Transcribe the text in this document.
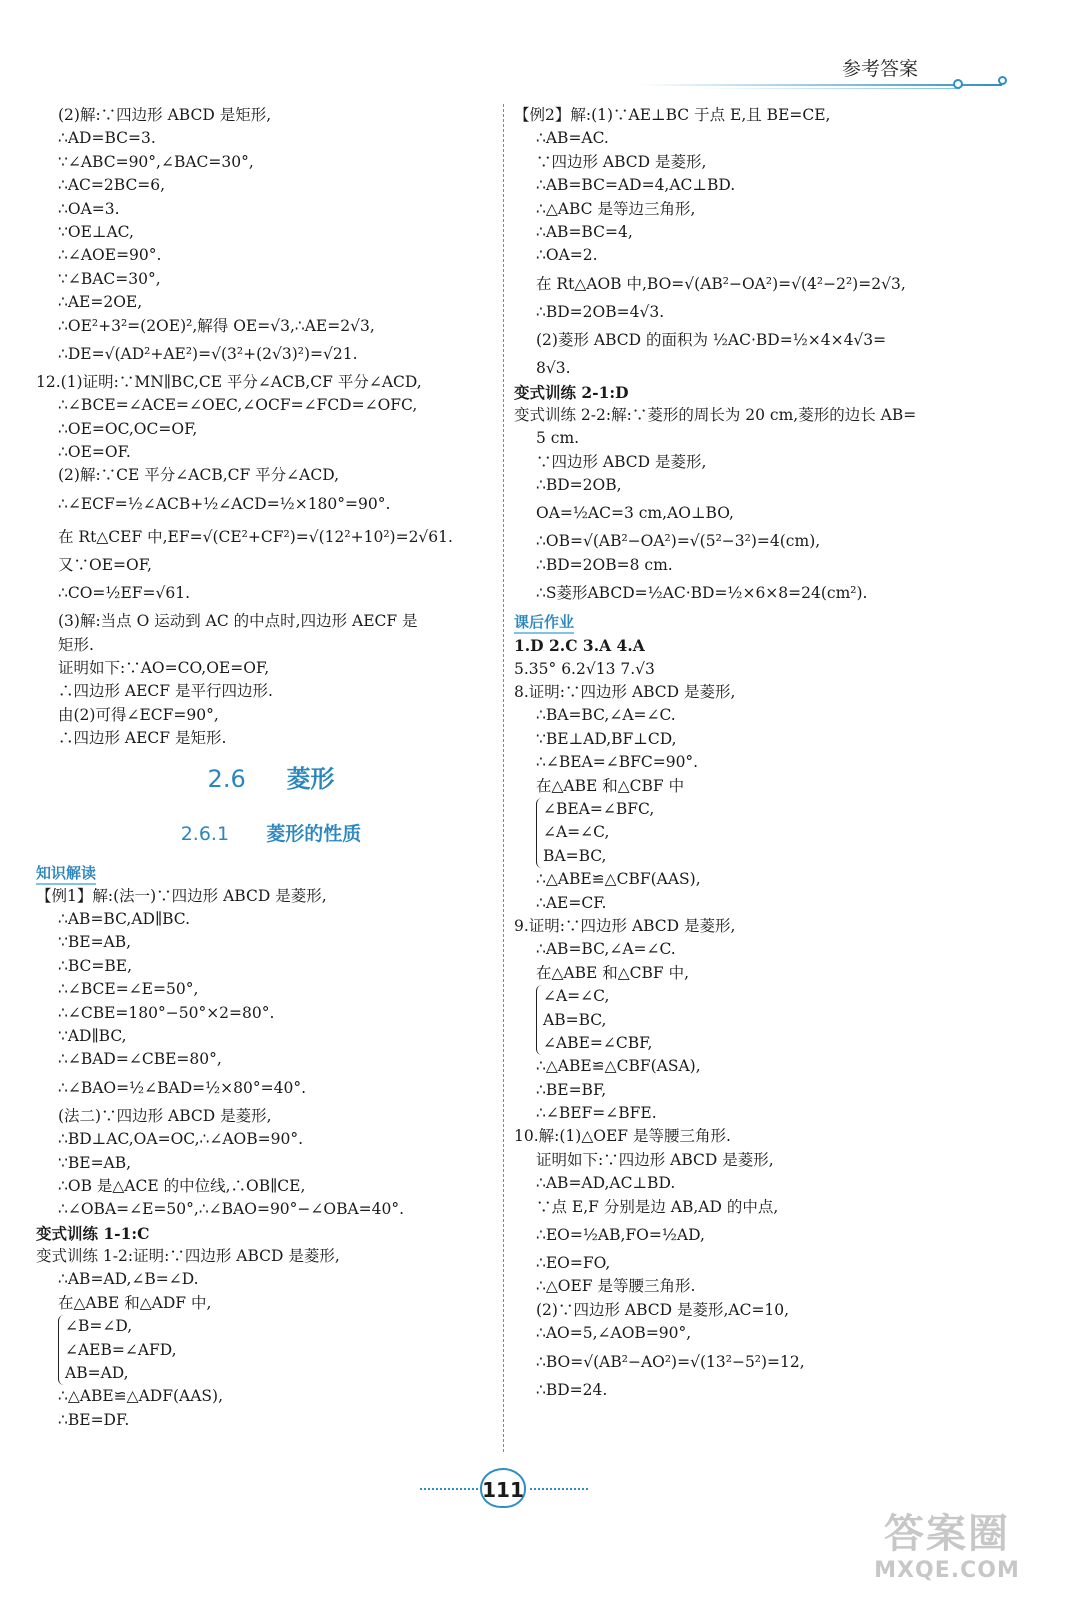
参考答案
(2)解:∵四边形 ABCD 是矩形,
∴AD=BC=3.
∵∠ABC=90°,∠BAC=30°,
∴AC=2BC=6,
∴OA=3.
∵OE⊥AC,
∴∠AOE=90°.
∵∠BAC=30°,
∴AE=2OE,
∴OE²+3²=(2OE)²,解得 OE=√3,∴AE=2√3,
∴DE=√(AD²+AE²)=√(3²+(2√3)²)=√21.
12.(1)证明:∵MN∥BC,CE 平分∠ACB,CF 平分∠ACD,
∴∠BCE=∠ACE=∠OEC,∠OCF=∠FCD=∠OFC,
∴OE=OC,OC=OF,
∴OE=OF.
(2)解:∵CE 平分∠ACB,CF 平分∠ACD,
∴∠ECF=½∠ACB+½∠ACD=½×180°=90°.
在 Rt△CEF 中,EF=√(CE²+CF²)=√(12²+10²)=2√61.
又∵OE=OF,
∴CO=½EF=√61.
(3)解:当点 O 运动到 AC 的中点时,四边形 AECF 是
矩形.
证明如下:∵AO=CO,OE=OF,
∴四边形 AECF 是平行四边形.
由(2)可得∠ECF=90°,
∴四边形 AECF 是矩形.
2.6 菱形
2.6.1 菱形的性质
知识解读
【例1】解:(法一)∵四边形 ABCD 是菱形,
∴AB=BC,AD∥BC.
∵BE=AB,
∴BC=BE,
∴∠BCE=∠E=50°,
∴∠CBE=180°−50°×2=80°.
∵AD∥BC,
∴∠BAD=∠CBE=80°,
∴∠BAO=½∠BAD=½×80°=40°.
(法二)∵四边形 ABCD 是菱形,
∴BD⊥AC,OA=OC,∴∠AOB=90°.
∵BE=AB,
∴OB 是△ACE 的中位线,∴OB∥CE,
∴∠OBA=∠E=50°,∴∠BAO=90°−∠OBA=40°.
变式训练 1-1:C
变式训练 1-2:证明:∵四边形 ABCD 是菱形,
∴AB=AD,∠B=∠D.
在△ABE 和△ADF 中,
∠B=∠D,
∠AEB=∠AFD,
AB=AD,
∴△ABE≌△ADF(AAS),
∴BE=DF.
【例2】解:(1)∵AE⊥BC 于点 E,且 BE=CE,
∴AB=AC.
∵四边形 ABCD 是菱形,
∴AB=BC=AD=4,AC⊥BD.
∴△ABC 是等边三角形,
∴AB=BC=4,
∴OA=2.
在 Rt△AOB 中,BO=√(AB²−OA²)=√(4²−2²)=2√3,
∴BD=2OB=4√3.
(2)菱形 ABCD 的面积为 ½AC·BD=½×4×4√3=
8√3.
变式训练 2-1:D
变式训练 2-2:解:∵菱形的周长为 20 cm,菱形的边长 AB=
5 cm.
∵四边形 ABCD 是菱形,
∴BD=2OB,
OA=½AC=3 cm,AO⊥BO,
∴OB=√(AB²−OA²)=√(5²−3²)=4(cm),
∴BD=2OB=8 cm.
∴S菱形ABCD=½AC·BD=½×6×8=24(cm²).
课后作业
1.D 2.C 3.A 4.A
5.35° 6.2√13 7.√3
8.证明:∵四边形 ABCD 是菱形,
∴BA=BC,∠A=∠C.
∵BE⊥AD,BF⊥CD,
∴∠BEA=∠BFC=90°.
在△ABE 和△CBF 中
∠BEA=∠BFC,
∠A=∠C,
BA=BC,
∴△ABE≌△CBF(AAS),
∴AE=CF.
9.证明:∵四边形 ABCD 是菱形,
∴AB=BC,∠A=∠C.
在△ABE 和△CBF 中,
∠A=∠C,
AB=BC,
∠ABE=∠CBF,
∴△ABE≌△CBF(ASA),
∴BE=BF,
∴∠BEF=∠BFE.
10.解:(1)△OEF 是等腰三角形.
证明如下:∵四边形 ABCD 是菱形,
∴AB=AD,AC⊥BD.
∵点 E,F 分别是边 AB,AD 的中点,
∴EO=½AB,FO=½AD,
∴EO=FO,
∴△OEF 是等腰三角形.
(2)∵四边形 ABCD 是菱形,AC=10,
∴AO=5,∠AOB=90°,
∴BO=√(AB²−AO²)=√(13²−5²)=12,
∴BD=24.
111
答案圈
MXQE.COM
